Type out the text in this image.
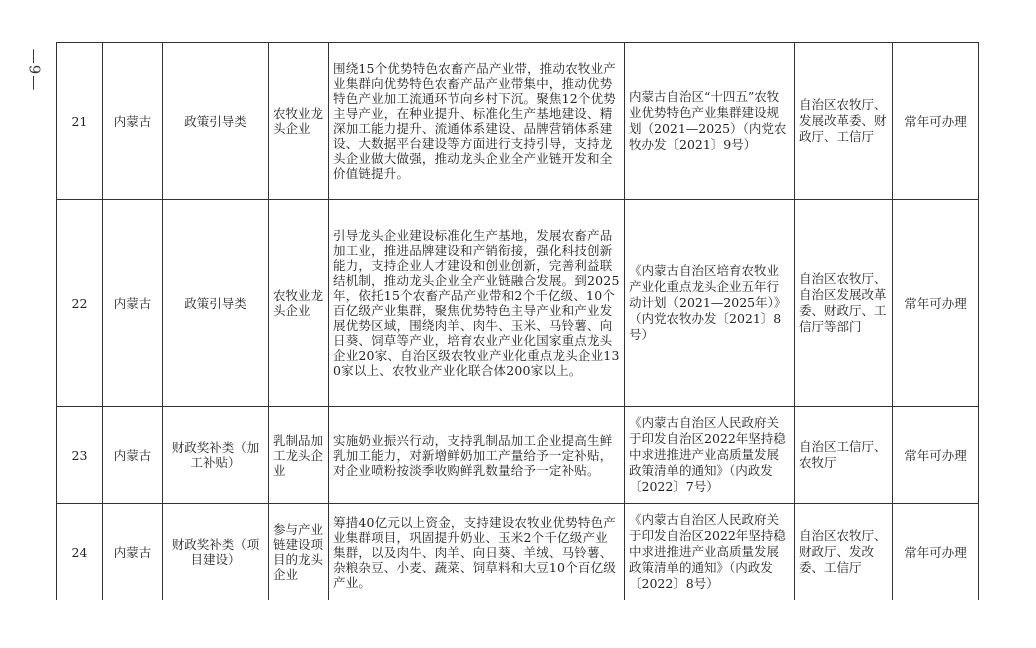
—9—
21	内蒙古	政策引导类	农牧业龙头企业	围绕15个优势特色农畜产品产业带，推动农牧业产业集群向优势特色农畜产品产业带集中，推动优势特色产业加工流通环节向乡村下沉。聚焦12个优势主导产业，在种业提升、标准化生产基地建设、精深加工能力提升、流通体系建设、品牌营销体系建设、大数据平台建设等方面进行支持引导，支持龙头企业做大做强，推动龙头企业全产业链开发和全价值链提升。	内蒙古自治区“十四五”农牧业优势特色产业集群建设规划（2021—2025）（内党农牧办发〔2021〕9号）	自治区农牧厅、发展改革委、财政厅、工信厅	常年可办理
22	内蒙古	政策引导类	农牧业龙头企业	引导龙头企业建设标准化生产基地，发展农畜产品加工业，推进品牌建设和产销衔接，强化科技创新能力，支持企业人才建设和创业创新，完善利益联结机制，推动龙头企业全产业链融合发展。到2025年，依托15个农畜产品产业带和2个千亿级、10个百亿级产业集群，聚焦优势特色主导产业和产业发展优势区域，围绕肉羊、肉牛、玉米、马铃薯、向日葵、饲草等产业，培育农业产业化国家重点龙头企业20家、自治区级农牧业产业化重点龙头企业130家以上、农牧业产业化联合体200家以上。	《内蒙古自治区培育农牧业产业化重点龙头企业五年行动计划（2021—2025年）》（内党农牧办发〔2021〕8号）	自治区农牧厅、自治区发展改革委、财政厅、工信厅等部门	常年可办理
23	内蒙古	财政奖补类（加工补贴）	乳制品加工龙头企业	实施奶业振兴行动，支持乳制品加工企业提高生鲜乳加工能力，对新增鲜奶加工产量给予一定补贴，对企业喷粉按淡季收购鲜乳数量给予一定补贴。	《内蒙古自治区人民政府关于印发自治区2022年坚持稳中求进推进产业高质量发展政策清单的通知》（内政发〔2022〕7号）	自治区工信厅、农牧厅	常年可办理
24	内蒙古	财政奖补类（项目建设）	参与产业链建设项目的龙头企业	筹措40亿元以上资金，支持建设农牧业优势特色产业集群项目，巩固提升奶业、玉米2个千亿级产业集群，以及肉牛、肉羊、向日葵、羊绒、马铃薯、杂粮杂豆、小麦、蔬菜、饲草料和大豆10个百亿级产业。	《内蒙古自治区人民政府关于印发自治区2022年坚持稳中求进推进产业高质量发展政策清单的通知》（内政发〔2022〕8号）	自治区农牧厅、财政厅、发改委、工信厅	常年可办理
